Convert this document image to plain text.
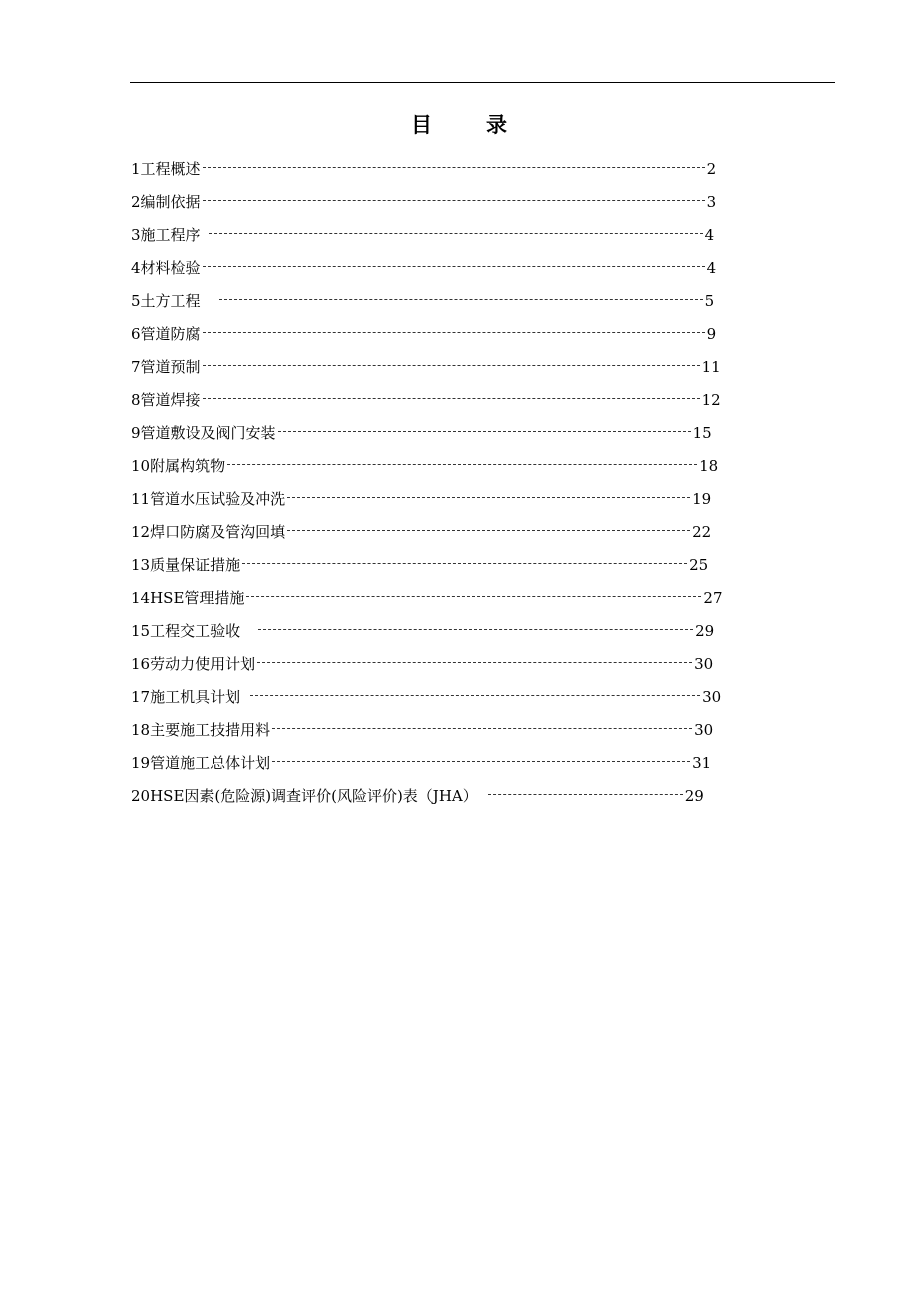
目 录
1 工程概述	2
2 编制依据	3
3 施工程序	4
4 材料检验	4
5 土方工程	5
6 管道防腐	9
7 管道预制	11
8 管道焊接	12
9 管道敷设及阀门安装	15
10 附属构筑物	18
11 管道水压试验及冲洗	19
12 焊口防腐及管沟回填	22
13 质量保证措施	25
14 HSE管理措施	27
15 工程交工验收	29
16 劳动力使用计划	30
17 施工机具计划	30
18 主要施工技措用料	30
19 管道施工总体计划	31
20 HSE因素(危险源)调查评价(风险评价)表（JHA）	29
